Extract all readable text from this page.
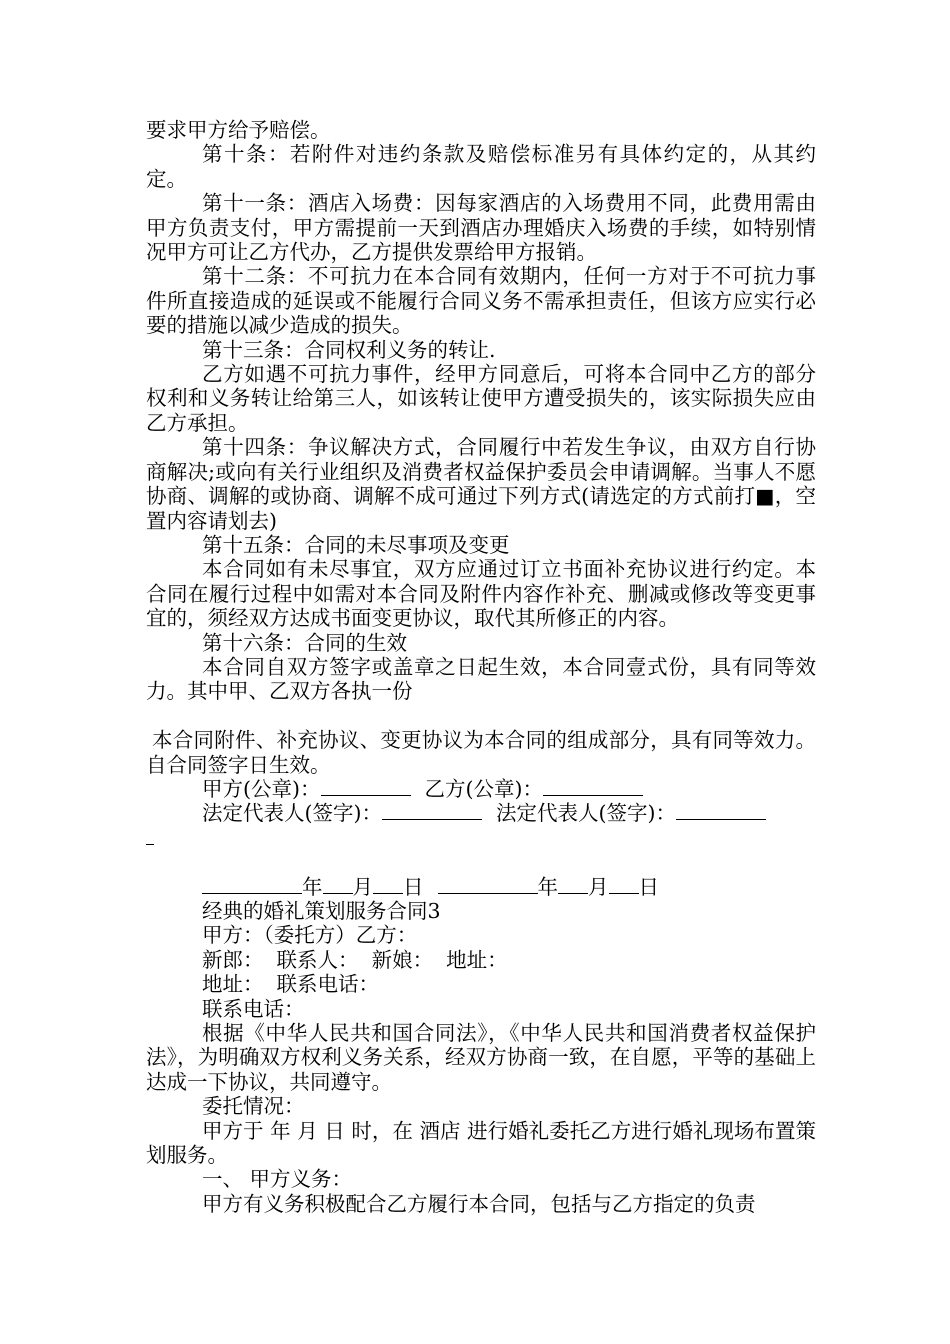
要求甲方给予赔偿。

第十条：若附件对违约条款及赔偿标准另有具体约定的，从其约定。

第十一条：酒店入场费：因每家酒店的入场费用不同，此费用需由甲方负责支付，甲方需提前一天到酒店办理婚庆入场费的手续，如特别情况甲方可让乙方代办，乙方提供发票给甲方报销。

第十二条：不可抗力在本合同有效期内，任何一方对于不可抗力事件所直接造成的延误或不能履行合同义务不需承担责任，但该方应实行必要的措施以减少造成的损失。

第十三条：合同权利义务的转让.

乙方如遇不可抗力事件，经甲方同意后，可将本合同中乙方的部分权利和义务转让给第三人，如该转让使甲方遭受损失的，该实际损失应由乙方承担。

第十四条：争议解决方式，合同履行中若发生争议，由双方自行协商解决;或向有关行业组织及消费者权益保护委员会申请调解。当事人不愿协商、调解的或协商、调解不成可通过下列方式(请选定的方式前打■，空置内容请划去)

第十五条：合同的未尽事项及变更

本合同如有未尽事宜，双方应通过订立书面补充协议进行约定。本合同在履行过程中如需对本合同及附件内容作补充、删减或修改等变更事宜的，须经双方达成书面变更协议，取代其所修正的内容。

第十六条：合同的生效

本合同自双方签字或盖章之日起生效，本合同壹式份，具有同等效力。其中甲、乙双方各执一份

本合同附件、补充协议、变更协议为本合同的组成部分，具有同等效力。自合同签字日生效。

甲方(公章)：	乙方(公章)：

法定代表人(签字)：	法定代表人(签字)：

年 月 日	年 月 日

经典的婚礼策划服务合同3

甲方：（委托方）乙方：

新郎：  联系人：  新娘：  地址：

地址：  联系电话：

联系电话：

根据《中华人民共和国合同法》，《中华人民共和国消费者权益保护法》，为明确双方权利义务关系，经双方协商一致，在自愿，平等的基础上达成一下协议，共同遵守。

委托情况：

甲方于 年 月 日 时，在 酒店 进行婚礼委托乙方进行婚礼现场布置策划服务。

一、 甲方义务：

甲方有义务积极配合乙方履行本合同，包括与乙方指定的负责
